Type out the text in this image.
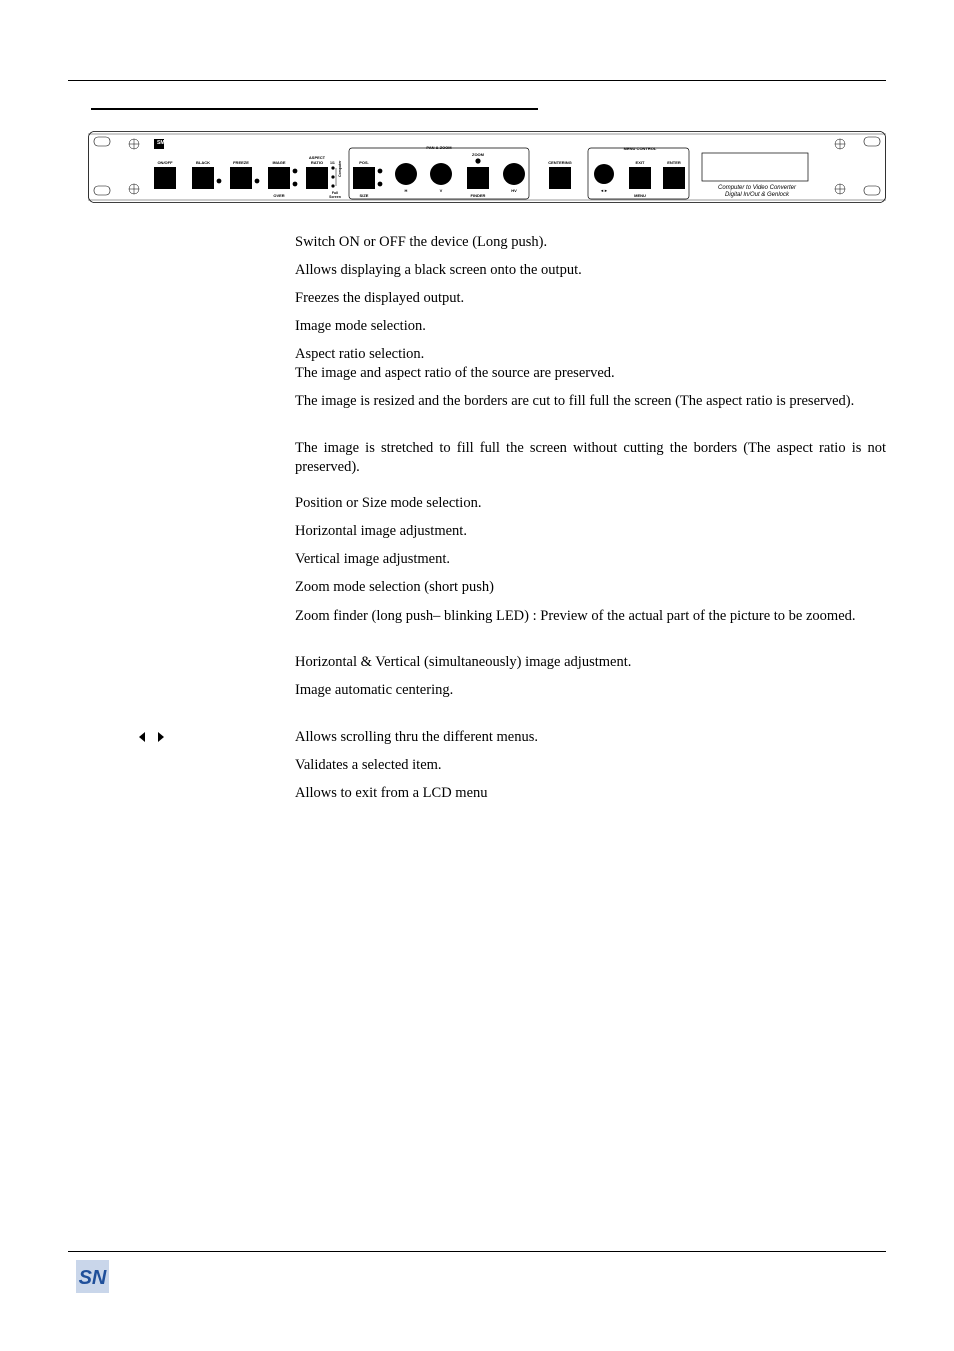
SM
ON/OFF	BLACK	FREEZE	IMAGE
OVER
ASPECT
RATIO
Full Screen
1/1 Computer
PAN & ZOOM
POS.
SIZE
H	V
ZOOM
FINDER
HV
CENTERING
MENU CONTROL
◄►
EXIT
MENU
ENTER
Computer to Video Converter
Digital In/Out & Genlock
Switch ON or OFF the device (Long push).
Allows displaying a black screen onto the output.
Freezes the displayed output.
Image mode selection.
Aspect ratio selection.
The image and aspect ratio of the source are preserved.
The image is resized and the borders are cut to fill full the screen (The aspect ratio is preserved).
The image is stretched to fill full the screen without cutting the borders (The aspect ratio is not preserved).
Position or Size mode selection.
Horizontal image adjustment.
Vertical image adjustment.
Zoom mode selection (short push)
Zoom finder (long push– blinking LED) : Preview of the actual part of the picture to be zoomed.
Horizontal & Vertical (simultaneously) image adjustment.
Image automatic centering.
Allows scrolling thru the different menus.
Validates a selected item.
Allows to exit from a LCD menu
SN
